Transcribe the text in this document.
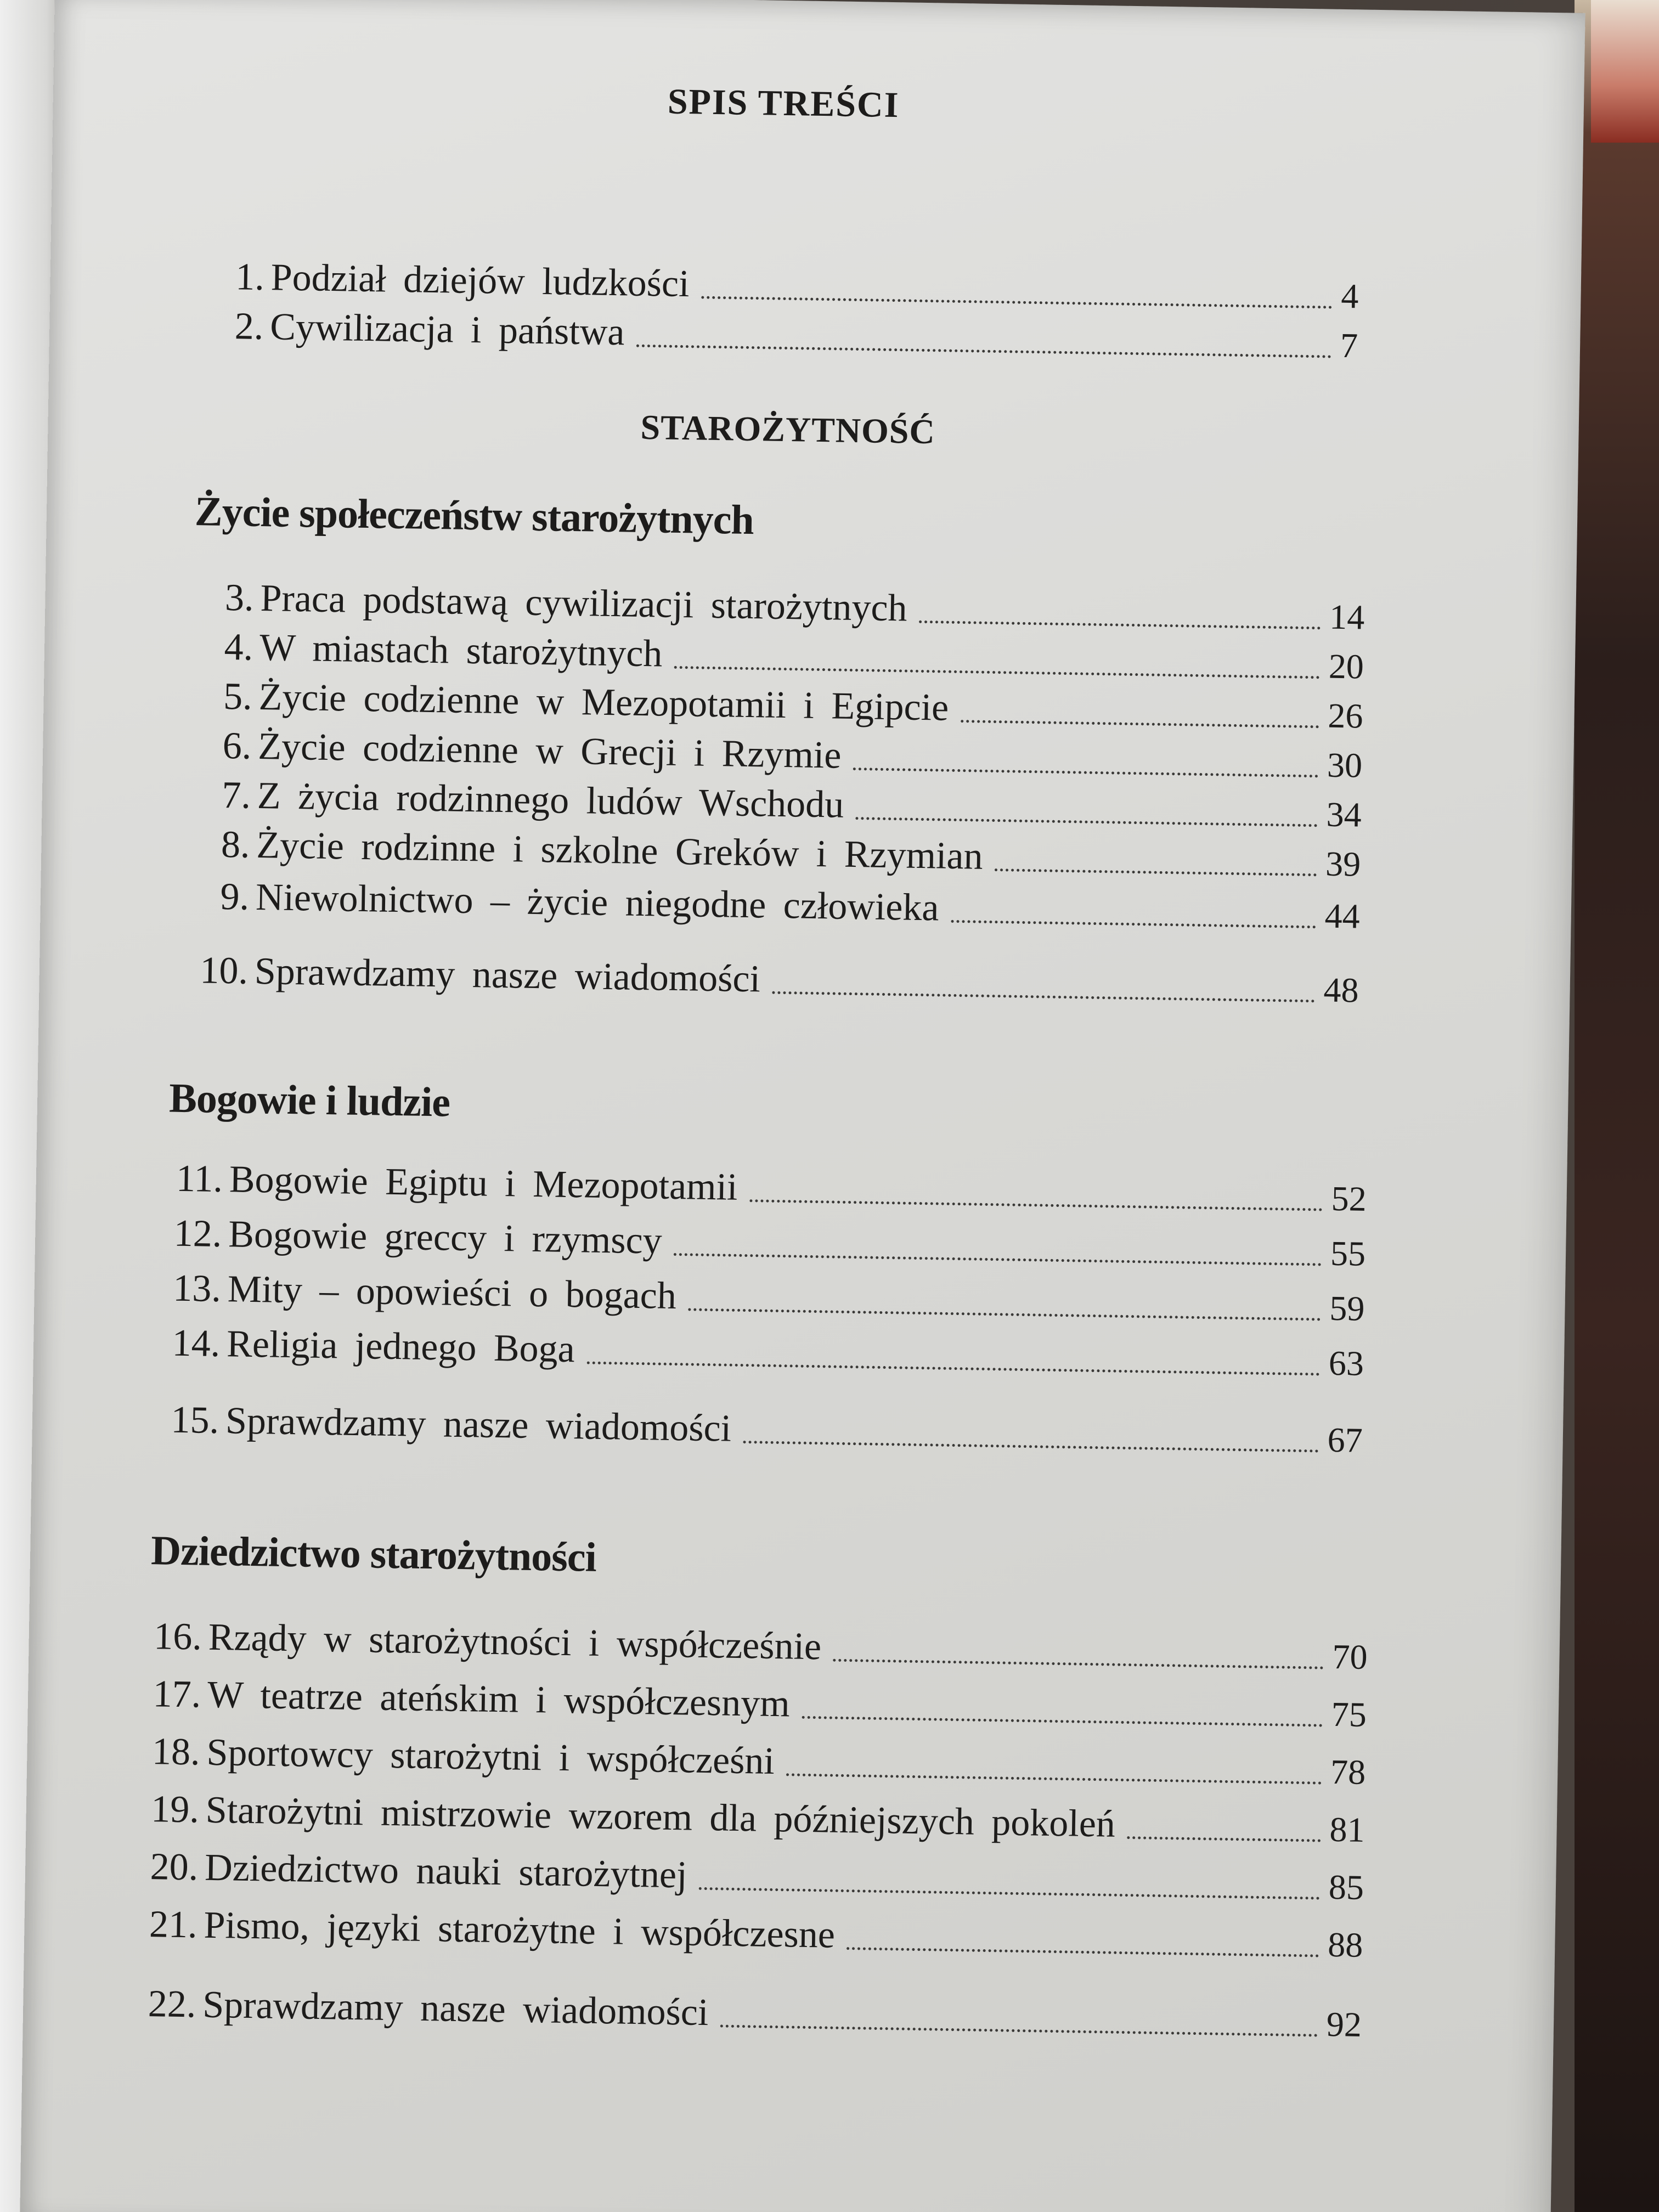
SPIS TREŚCI
1. Podział dziejów ludzkości	4
2. Cywilizacja i państwa	7
STAROŻYTNOŚĆ
Życie społeczeństw starożytnych
3. Praca podstawą cywilizacji starożytnych	14
4. W miastach starożytnych	20
5. Życie codzienne w Mezopotamii i Egipcie	26
6. Życie codzienne w Grecji i Rzymie	30
7. Z życia rodzinnego ludów Wschodu	34
8. Życie rodzinne i szkolne Greków i Rzymian	39
9. Niewolnictwo – życie niegodne człowieka	44
10. Sprawdzamy nasze wiadomości	48
Bogowie i ludzie
11. Bogowie Egiptu i Mezopotamii	52
12. Bogowie greccy i rzymscy	55
13. Mity – opowieści o bogach	59
14. Religia jednego Boga	63
15. Sprawdzamy nasze wiadomości	67
Dziedzictwo starożytności
16. Rządy w starożytności i współcześnie	70
17. W teatrze ateńskim i współczesnym	75
18. Sportowcy starożytni i współcześni	78
19. Starożytni mistrzowie wzorem dla późniejszych pokoleń	81
20. Dziedzictwo nauki starożytnej	85
21. Pismo, języki starożytne i współczesne	88
22. Sprawdzamy nasze wiadomości	92
